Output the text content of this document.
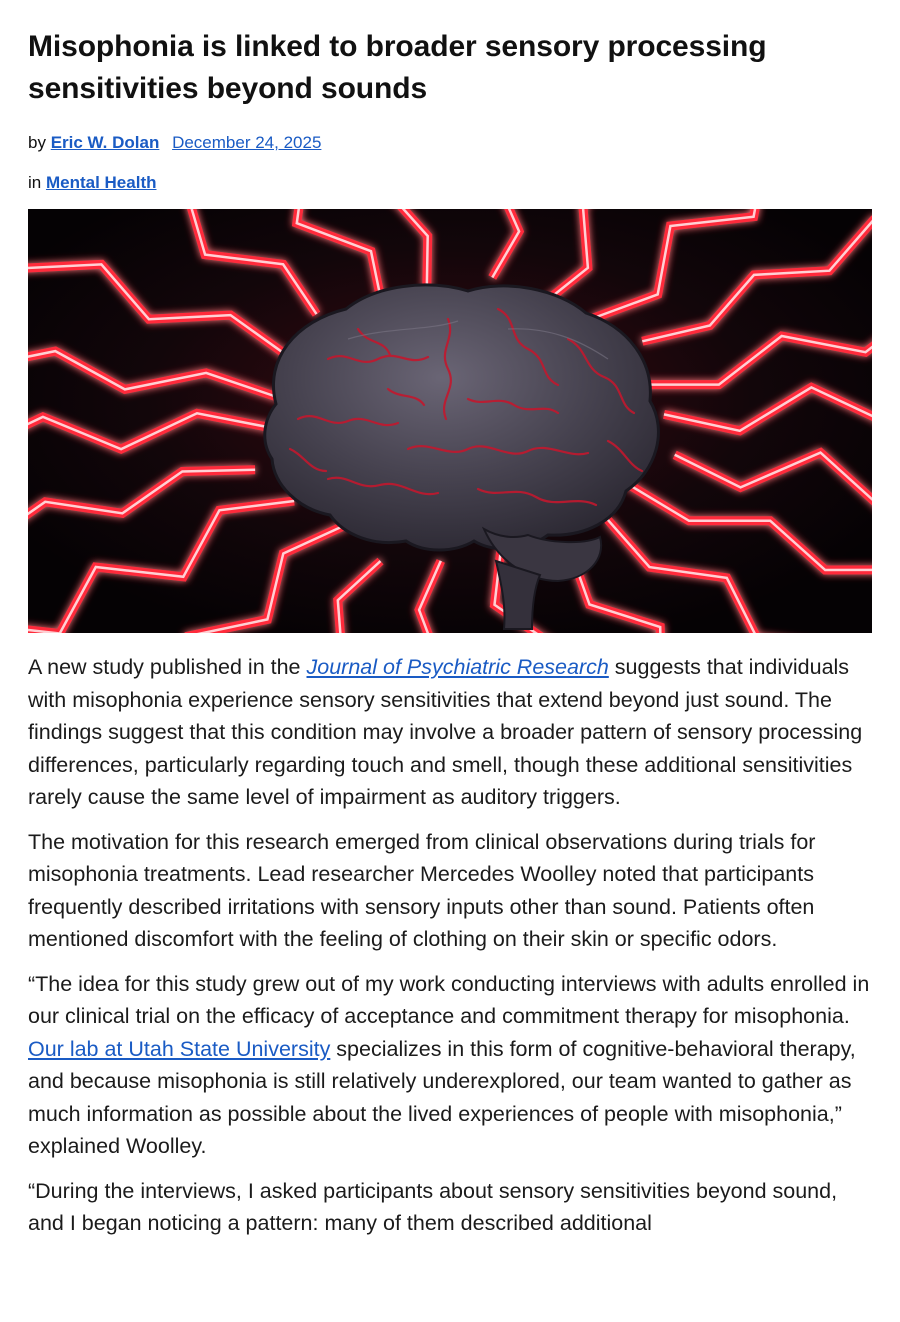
Misophonia is linked to broader sensory processing sensitivities beyond sounds
by Eric W. Dolan December 24, 2025
in Mental Health

A new study published in the Journal of Psychiatric Research suggests that individuals with misophonia experience sensory sensitivities that extend beyond just sound. The findings suggest that this condition may involve a broader pattern of sensory processing differences, particularly regarding touch and smell, though these additional sensitivities rarely cause the same level of impairment as auditory triggers.

The motivation for this research emerged from clinical observations during trials for misophonia treatments. Lead researcher Mercedes Woolley noted that participants frequently described irritations with sensory inputs other than sound. Patients often mentioned discomfort with the feeling of clothing on their skin or specific odors.

“The idea for this study grew out of my work conducting interviews with adults enrolled in our clinical trial on the efficacy of acceptance and commitment therapy for misophonia. Our lab at Utah State University specializes in this form of cognitive-behavioral therapy, and because misophonia is still relatively underexplored, our team wanted to gather as much information as possible about the lived experiences of people with misophonia,” explained Woolley.

“During the interviews, I asked participants about sensory sensitivities beyond sound, and I began noticing a pattern: many of them described additional
